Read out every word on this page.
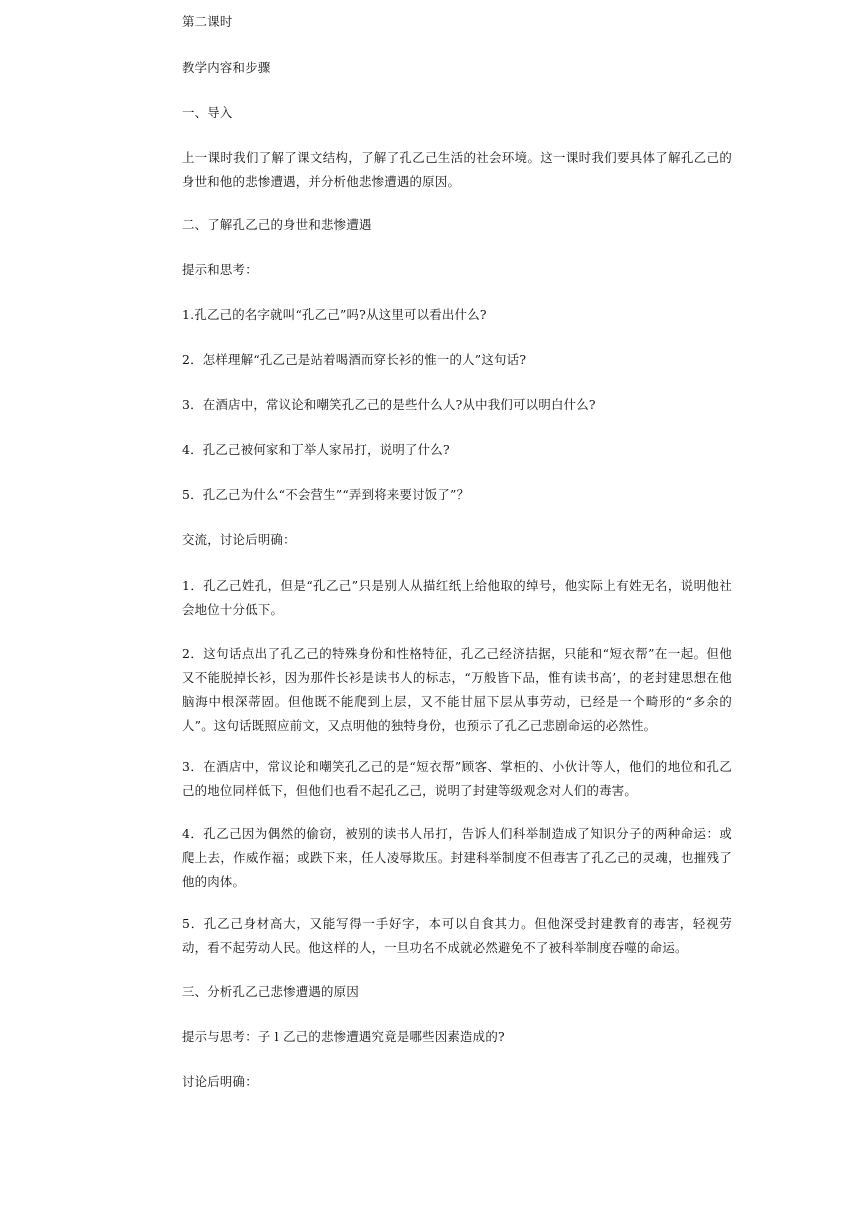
第二课时
教学内容和步骤
一、导入
上一课时我们了解了课文结构，了解了孔乙己生活的社会环境。这一课时我们要具体了解孔乙己的身世和他的悲惨遭遇，并分析他悲惨遭遇的原因。
二、了解孔乙己的身世和悲惨遭遇
提示和思考：
1.孔乙己的名字就叫“孔乙己”吗?从这里可以看出什么?
2．怎样理解“孔乙己是站着喝酒而穿长衫的惟一的人”这句话?
3．在酒店中，常议论和嘲笑孔乙己的是些什么人?从中我们可以明白什么?
4．孔乙己被何家和丁举人家吊打，说明了什么?
5．孔乙己为什么“不会营生”“弄到将来要讨饭了”？
交流，讨论后明确：
1．孔乙己姓孔，但是“孔乙己”只是别人从描红纸上给他取的绰号，他实际上有姓无名，说明他社会地位十分低下。
2．这句话点出了孔乙己的特殊身份和性格特征，孔乙己经济拮据，只能和“短衣帮”在一起。但他又不能脱掉长衫，因为那件长衫是读书人的标志，“万般皆下品，惟有读书高’，的老封建思想在他脑海中根深蒂固。但他既不能爬到上层，又不能甘屈下层从事劳动，已经是一个畸形的“多余的人”。这句话既照应前文，又点明他的独特身份，也预示了孔乙己悲剧命运的必然性。
3．在酒店中，常议论和嘲笑孔乙己的是“短衣帮”顾客、掌柜的、小伙计等人，他们的地位和孔乙己的地位同样低下，但他们也看不起孔乙己，说明了封建等级观念对人们的毒害。
4．孔乙己因为偶然的偷窃，被别的读书人吊打，告诉人们科举制造成了知识分子的两种命运：或爬上去，作威作福；或跌下来，任人凌辱欺压。封建科举制度不但毒害了孔乙己的灵魂，也摧残了他的肉体。
5．孔乙己身材高大，又能写得一手好字，本可以自食其力。但他深受封建教育的毒害，轻视劳动，看不起劳动人民。他这样的人，一旦功名不成就必然避免不了被科举制度吞噬的命运。
三、分析孔乙己悲惨遭遇的原因
提示与思考：子 l 乙己的悲惨遭遇究竟是哪些因素造成的?
讨论后明确：
